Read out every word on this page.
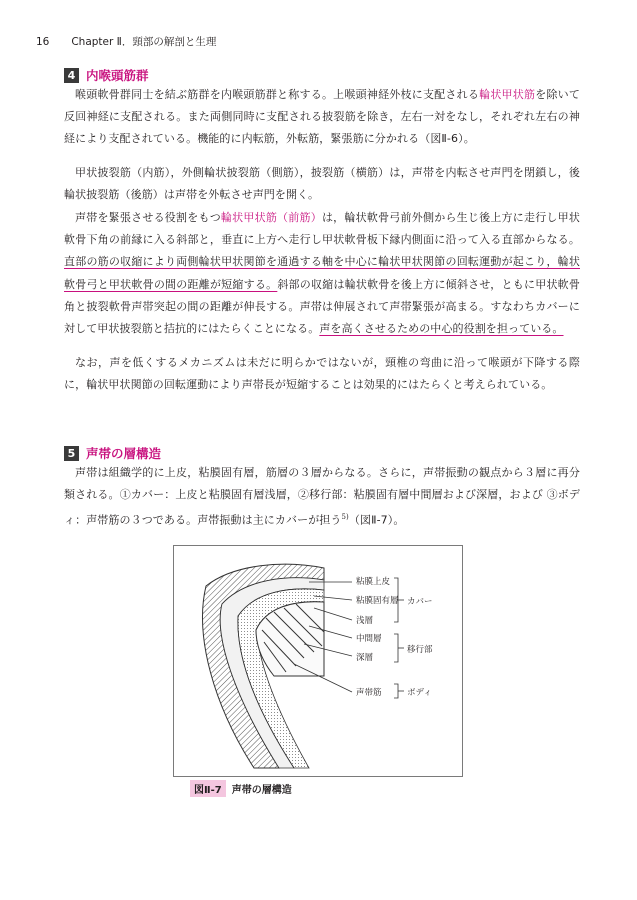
16 Chapter Ⅱ．頸部の解剖と生理
4 内喉頭筋群
喉頭軟骨群同士を結ぶ筋群を内喉頭筋群と称する。上喉頭神経外枝に支配される輪状甲状筋を除いて反回神経に支配される。また両側同時に支配される披裂筋を除き，左右一対をなし，それぞれ左右の神経により支配されている。機能的に内転筋，外転筋，緊張筋に分かれる（図Ⅱ-6）。
甲状披裂筋（内筋），外側輪状披裂筋（側筋），披裂筋（横筋）は，声帯を内転させ声門を閉鎖し，後輪状披裂筋（後筋）は声帯を外転させ声門を開く。
声帯を緊張させる役割をもつ輪状甲状筋（前筋）は，輪状軟骨弓前外側から生じ後上方に走行し甲状軟骨下角の前縁に入る斜部と，垂直に上方へ走行し甲状軟骨板下縁内側面に沿って入る直部からなる。直部の筋の収縮により両側輪状甲状関節を通過する軸を中心に輪状甲状関節の回転運動が起こり，輪状軟骨弓と甲状軟骨の間の距離が短縮する。斜部の収縮は輪状軟骨を後上方に傾斜させ，ともに甲状軟骨角と披裂軟骨声帯突起の間の距離が伸長する。声帯は伸展されて声帯緊張が高まる。すなわちカバーに対して甲状披裂筋と拮抗的にはたらくことになる。声を高くさせるための中心的役割を担っている。
なお，声を低くするメカニズムは未だに明らかではないが，頸椎の弯曲に沿って喉頭が下降する際に，輪状甲状関節の回転運動により声帯長が短縮することは効果的にはたらくと考えられている。
5 声帯の層構造
声帯は組織学的に上皮，粘膜固有層，筋層の３層からなる。さらに，声帯振動の観点から３層に再分類される。①カバー：上皮と粘膜固有層浅層，②移行部：粘膜固有層中間層および深層，および ③ボディ：声帯筋の３つである。声帯振動は主にカバーが担う$^{5)}$（図Ⅱ-7）。
粘膜上皮
粘膜固有層
浅層
中間層
深層
声帯筋
カバー
移行部
ボディ
図Ⅱ-7	声帯の層構造
